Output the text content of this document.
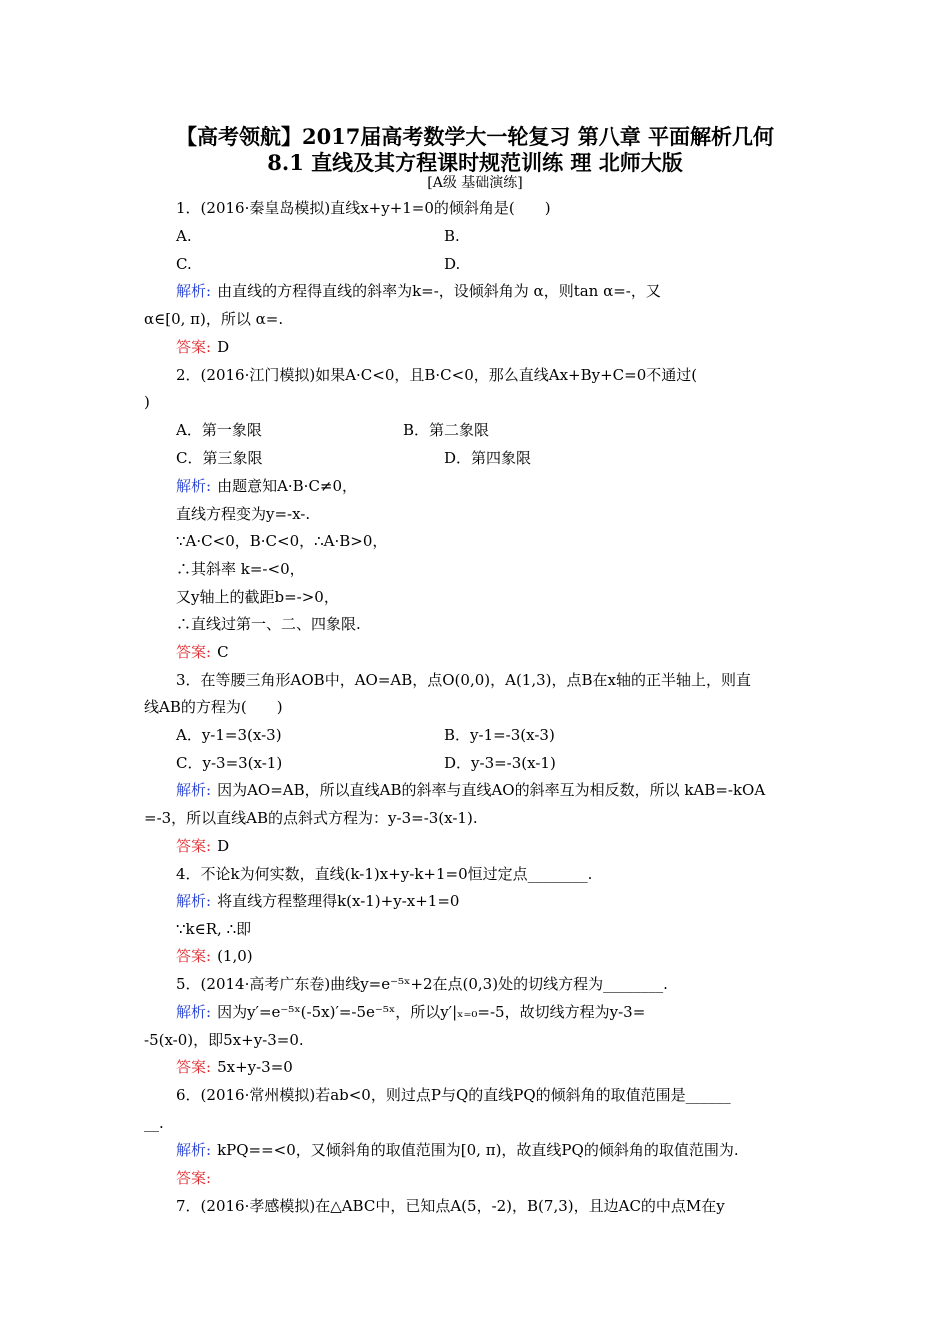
【高考领航】2017届高考数学大一轮复习 第八章 平面解析几何
8.1 直线及其方程课时规范训练 理 北师大版
[A级 基础演练]
1．(2016·秦皇岛模拟)直线x+y+1=0的倾斜角是(　　)
A.	B.
C.	D.
解析: 由直线的方程得直线的斜率为k=-，设倾斜角为 α，则tan α=-，又
α∈[0, π)，所以 α=.
答案: D
2．(2016·江门模拟)如果A·C<0，且B·C<0，那么直线Ax+By+C=0不通过(
)
A．第一象限	B．第二象限
C．第三象限	D．第四象限
解析: 由题意知A·B·C≠0，
直线方程变为y=-x-.
∵A·C<0，B·C<0，∴A·B>0，
∴其斜率 k=-<0，
又y轴上的截距b=->0，
∴直线过第一、二、四象限.
答案: C
3．在等腰三角形AOB中，AO=AB，点O(0,0)，A(1,3)，点B在x轴的正半轴上，则直
线AB的方程为(　　)
A．y-1=3(x-3)	B．y-1=-3(x-3)
C．y-3=3(x-1)	D．y-3=-3(x-1)
解析: 因为AO=AB，所以直线AB的斜率与直线AO的斜率互为相反数，所以 kAB=-kOA
=-3，所以直线AB的点斜式方程为：y-3=-3(x-1).
答案: D
4．不论k为何实数，直线(k-1)x+y-k+1=0恒过定点________.
解析: 将直线方程整理得k(x-1)+y-x+1=0
∵k∈R, ∴即
答案: (1,0)
5．(2014·高考广东卷)曲线y=e⁻⁵ˣ+2在点(0,3)处的切线方程为________.
解析: 因为y′=e⁻⁵ˣ(-5x)′=-5e⁻⁵ˣ，所以y′|ₓ₌₀=-5，故切线方程为y-3=
-5(x-0)，即5x+y-3=0.
答案: 5x+y-3=0
6．(2016·常州模拟)若ab<0，则过点P与Q的直线PQ的倾斜角的取值范围是______
__.
解析: kPQ==<0，又倾斜角的取值范围为[0, π)，故直线PQ的倾斜角的取值范围为.
答案:
7．(2016·孝感模拟)在△ABC中，已知点A(5，-2)，B(7,3)，且边AC的中点M在y
